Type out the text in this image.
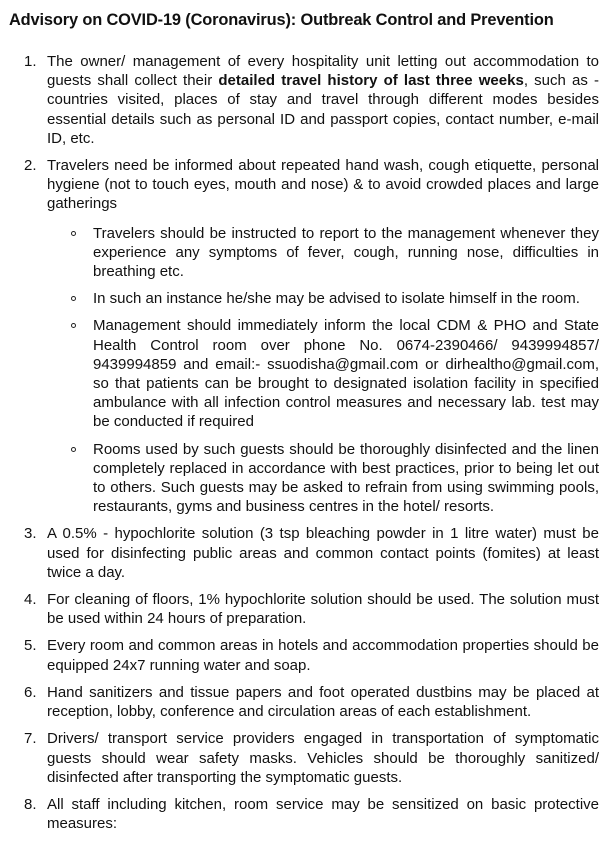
Advisory on COVID-19 (Coronavirus): Outbreak Control and Prevention
1. The owner/ management of every hospitality unit letting out accommodation to guests shall collect their detailed travel history of last three weeks, such as - countries visited, places of stay and travel through different modes besides essential details such as personal ID and passport copies, contact number, e-mail ID, etc.
2. Travelers need be informed about repeated hand wash, cough etiquette, personal hygiene (not to touch eyes, mouth and nose) & to avoid crowded places and large gatherings
Travelers should be instructed to report to the management whenever they experience any symptoms of fever, cough, running nose, difficulties in breathing etc.
In such an instance he/she may be advised to isolate himself in the room.
Management should immediately inform the local CDM & PHO and State Health Control room over phone No. 0674-2390466/ 9439994857/ 9439994859 and email:- ssuodisha@gmail.com or dirhealtho@gmail.com, so that patients can be brought to designated isolation facility in specified ambulance with all infection control measures and necessary lab. test may be conducted if required
Rooms used by such guests should be thoroughly disinfected and the linen completely replaced in accordance with best practices, prior to being let out to others. Such guests may be asked to refrain from using swimming pools, restaurants, gyms and business centres in the hotel/ resorts.
3. A 0.5% - hypochlorite solution (3 tsp bleaching powder in 1 litre water) must be used for disinfecting public areas and common contact points (fomites) at least twice a day.
4. For cleaning of floors, 1% hypochlorite solution should be used. The solution must be used within 24 hours of preparation.
5. Every room and common areas in hotels and accommodation properties should be equipped 24x7 running water and soap.
6. Hand sanitizers and tissue papers and foot operated dustbins may be placed at reception, lobby, conference and circulation areas of each establishment.
7. Drivers/ transport service providers engaged in transportation of symptomatic guests should wear safety masks. Vehicles should be thoroughly sanitized/ disinfected after transporting the symptomatic guests.
8. All staff including kitchen, room service may be sensitized on basic protective measures:
